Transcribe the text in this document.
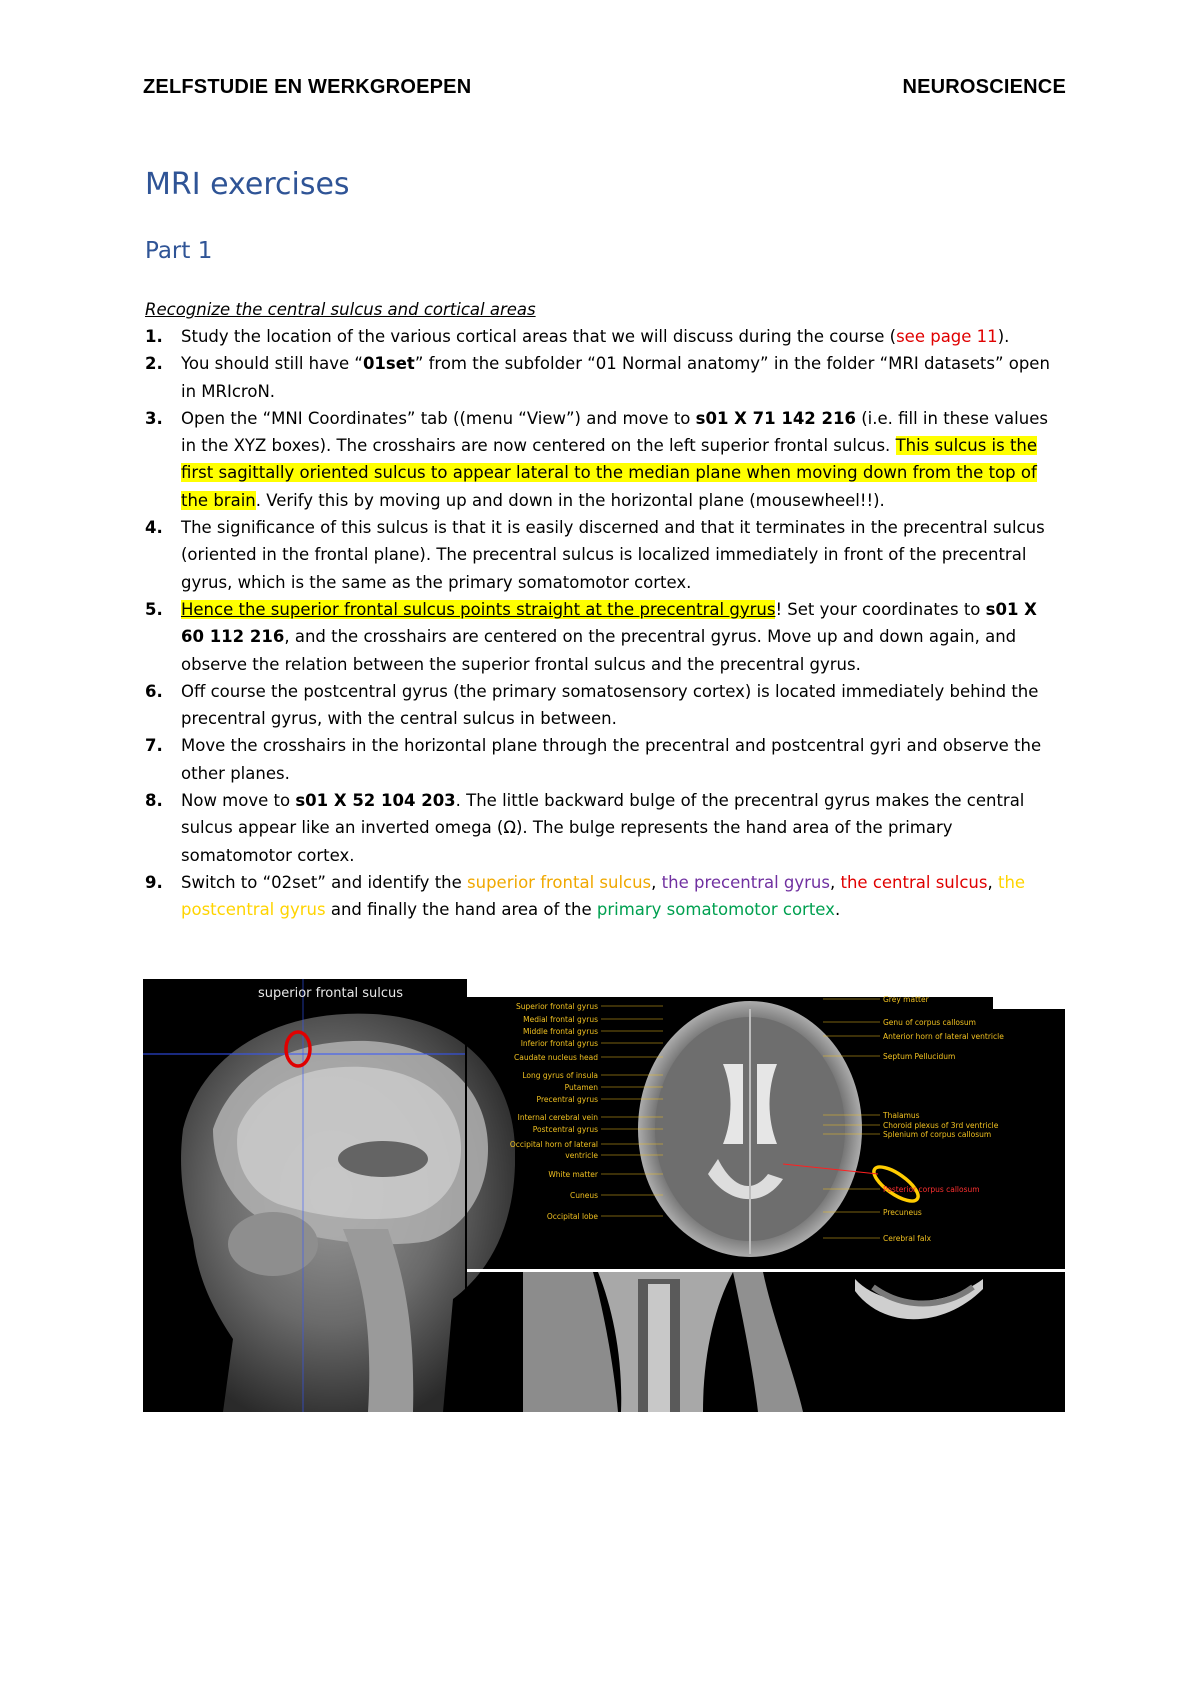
ZELFSTUDIE EN WERKGROEPEN	NEUROSCIENCE
MRI exercises
Part 1
Recognize the central sulcus and cortical areas
1. Study the location of the various cortical areas that we will discuss during the course (see page 11).
2. You should still have “01set” from the subfolder “01 Normal anatomy” in the folder “MRI datasets” open in MRIcroN.
3. Open the “MNI Coordinates” tab ((menu “View”) and move to s01 X 71 142 216 (i.e. fill in these values in the XYZ boxes). The crosshairs are now centered on the left superior frontal sulcus. This sulcus is the first sagittally oriented sulcus to appear lateral to the median plane when moving down from the top of the brain. Verify this by moving up and down in the horizontal plane (mousewheel!!).
4. The significance of this sulcus is that it is easily discerned and that it terminates in the precentral sulcus (oriented in the frontal plane). The precentral sulcus is localized immediately in front of the precentral gyrus, which is the same as the primary somatomotor cortex.
5. Hence the superior frontal sulcus points straight at the precentral gyrus! Set your coordinates to s01 X 60 112 216, and the crosshairs are centered on the precentral gyrus. Move up and down again, and observe the relation between the superior frontal sulcus and the precentral gyrus.
6. Off course the postcentral gyrus (the primary somatosensory cortex) is located immediately behind the precentral gyrus, with the central sulcus in between.
7. Move the crosshairs in the horizontal plane through the precentral and postcentral gyri and observe the other planes.
8. Now move to s01 X 52 104 203. The little backward bulge of the precentral gyrus makes the central sulcus appear like an inverted omega (Ω). The bulge represents the hand area of the primary somatomotor cortex.
9. Switch to “02set” and identify the superior frontal sulcus, the precentral gyrus, the central sulcus, the postcentral gyrus and finally the hand area of the primary somatomotor cortex.
superior frontal sulcus
Superior frontal gyrus
Medial frontal gyrus
Middle frontal gyrus
Inferior frontal gyrus
Caudate nucleus head
Long gyrus of insula
Putamen
Precentral gyrus
Internal cerebral vein
Postcentral gyrus
Occipital horn of lateral
ventricle
White matter
Cuneus
Occipital lobe
Grey matter
Genu of corpus callosum
Anterior horn of lateral ventricle
Septum Pellucidum
Thalamus
Choroid plexus of 3rd ventricle
Splenium of corpus callosum
Posterior corpus callosum
Precuneus
Cerebral falx
